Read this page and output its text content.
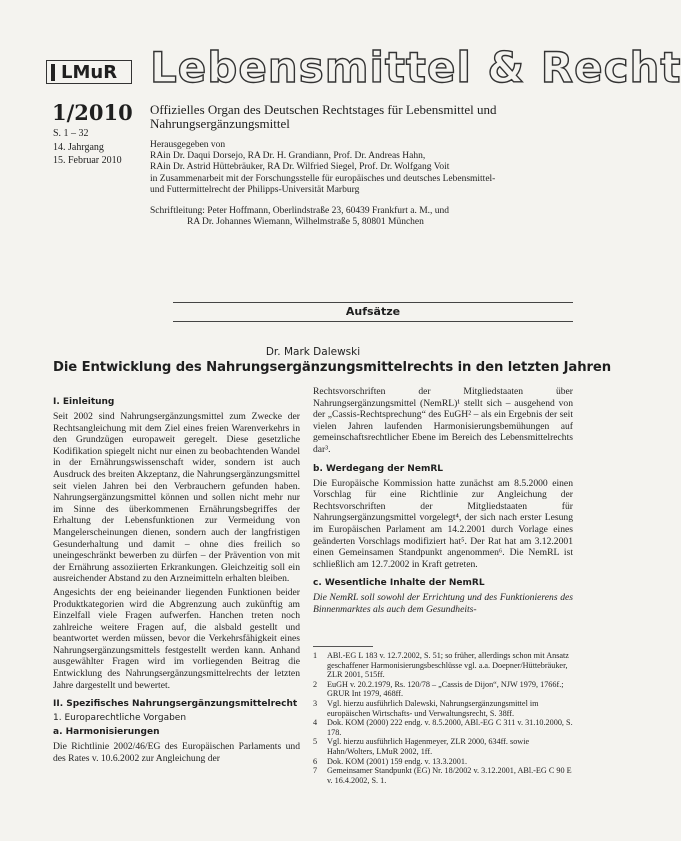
LMuR Lebensmittel & Recht
1/2010
S. 1 – 32
14. Jahrgang
15. Februar 2010
Offizielles Organ des Deutschen Rechtstages für Lebensmittel und Nahrungsergänzungsmittel
Herausgegeben von
RAin Dr. Daqui Dorsejo, RA Dr. H. Grandiann, Prof. Dr. Andreas Hahn,
RAin Dr. Astrid Hüttebräuker, RA Dr. Wilfried Siegel, Prof. Dr. Wolfgang Voit
in Zusammenarbeit mit der Forschungsstelle für europäisches und deutsches Lebensmittel-
und Futtermittelrecht der Philipps-Universität Marburg
Schriftleitung: Peter Hoffmann, Oberlindstraße 23, 60439 Frankfurt a. M., und
RA Dr. Johannes Wiemann, Wilhelmstraße 5, 80801 München
Aufsätze
Dr. Mark Dalewski
Die Entwicklung des Nahrungsergänzungsmittelrechts in den letzten Jahren
I. Einleitung

Seit 2002 sind Nahrungsergänzungsmittel zum Zwecke der Rechtsangleichung mit dem Ziel eines freien Warenverkehrs in den Grundzügen europaweit geregelt. Diese gesetzliche Kodifikation spiegelt nicht nur einen zu beobachtenden Wandel in der Ernährungswissenschaft wider, sondern ist auch Ausdruck des breiten Akzeptanz, die Nahrungsergänzungsmittel seit vielen Jahren bei den Verbrauchern gefunden haben. Nahrungsergänzungsmittel können und sollen nicht mehr nur im Sinne des überkommenen Ernährungsbegriffes der Erhaltung der Lebensfunktionen zur Vermeidung von Mangelerscheinungen dienen, sondern auch der langfristigen Gesunderhaltung und damit – ohne dies freilich so uneingeschränkt bewerben zu dürfen – der Prävention von mit der Ernährung assoziierten Erkrankungen. Gleichzeitig soll ein ausreichender Abstand zu den Arzneimitteln erhalten bleiben.

Angesichts der eng beieinander liegenden Funktionen beider Produktkategorien wird die Abgrenzung auch zukünftig am Einzelfall viele Fragen aufwerfen. Hanchen treten noch zahlreiche weitere Fragen auf, die alsbald gestellt und beantwortet werden müssen, bevor die Verkehrsfähigkeit eines Nahrungsergänzungsmittels festgestellt werden kann. Anhand ausgewählter Fragen wird im vorliegenden Beitrag die Entwicklung des Nahrungsergänzungsmittelrechts der letzten Jahre dargestellt und bewertet.

II. Spezifisches Nahrungsergänzungsmittelrecht
1. Europarechtliche Vorgaben
a. Harmonisierungen

Die Richtlinie 2002/46/EG des Europäischen Parlaments und des Rates v. 10.6.2002 zur Angleichung der

Rechtsvorschriften der Mitgliedstaaten über Nahrungsergänzungsmittel (NemRL)¹ stellt sich – ausgehend von der „Cassis-Rechtsprechung“ des EuGH² – als ein Ergebnis der seit vielen Jahren laufenden Harmonisierungsbemühungen auf gemeinschaftsrechtlicher Ebene im Bereich des Lebensmittelrechts dar³.

b. Werdegang der NemRL

Die Europäische Kommission hatte zunächst am 8.5.2000 einen Vorschlag für eine Richtlinie zur Angleichung der Rechtsvorschriften der Mitgliedstaaten für Nahrungsergänzungsmittel vorgelegt⁴, der sich nach erster Lesung im Europäischen Parlament am 14.2.2001 durch Vorlage eines geänderten Vorschlags modifiziert hat⁵. Der Rat hat am 3.12.2001 einen Gemeinsamen Standpunkt angenommen⁶. Die NemRL ist schließlich am 12.7.2002 in Kraft getreten.

c. Wesentliche Inhalte der NemRL

Die NemRL soll sowohl der Errichtung und des Funktionierens des Binnenmarktes als auch dem Gesundheits-

1	ABl.-EG L 183 v. 12.7.2002, S. 51; so früher, allerdings schon mit Ansatz geschaffener Harmonisierungsbeschlüsse vgl. a.a. Doepner/Hüttebräuker, ZLR 2001, 515ff.
2	EuGH v. 20.2.1979, Rs. 120/78 – „Cassis de Dijon“, NJW 1979, 1766f.; GRUR Int 1979, 468ff.
3	Vgl. hierzu ausführlich Dalewski, Nahrungsergänzungsmittel im europäischen Wirtschafts- und Verwaltungsrecht, S. 38ff.
4	Dok. KOM (2000) 222 endg. v. 8.5.2000, ABl.-EG C 311 v. 31.10.2000, S. 178.
5	Vgl. hierzu ausführlich Hagenmeyer, ZLR 2000, 634ff. sowie Hahn/Wolters, LMuR 2002, 1ff.
6	Dok. KOM (2001) 159 endg. v. 13.3.2001.
7	Gemeinsamer Standpunkt (EG) Nr. 18/2002 v. 3.12.2001, ABl.-EG C 90 E v. 16.4.2002, S. 1.
